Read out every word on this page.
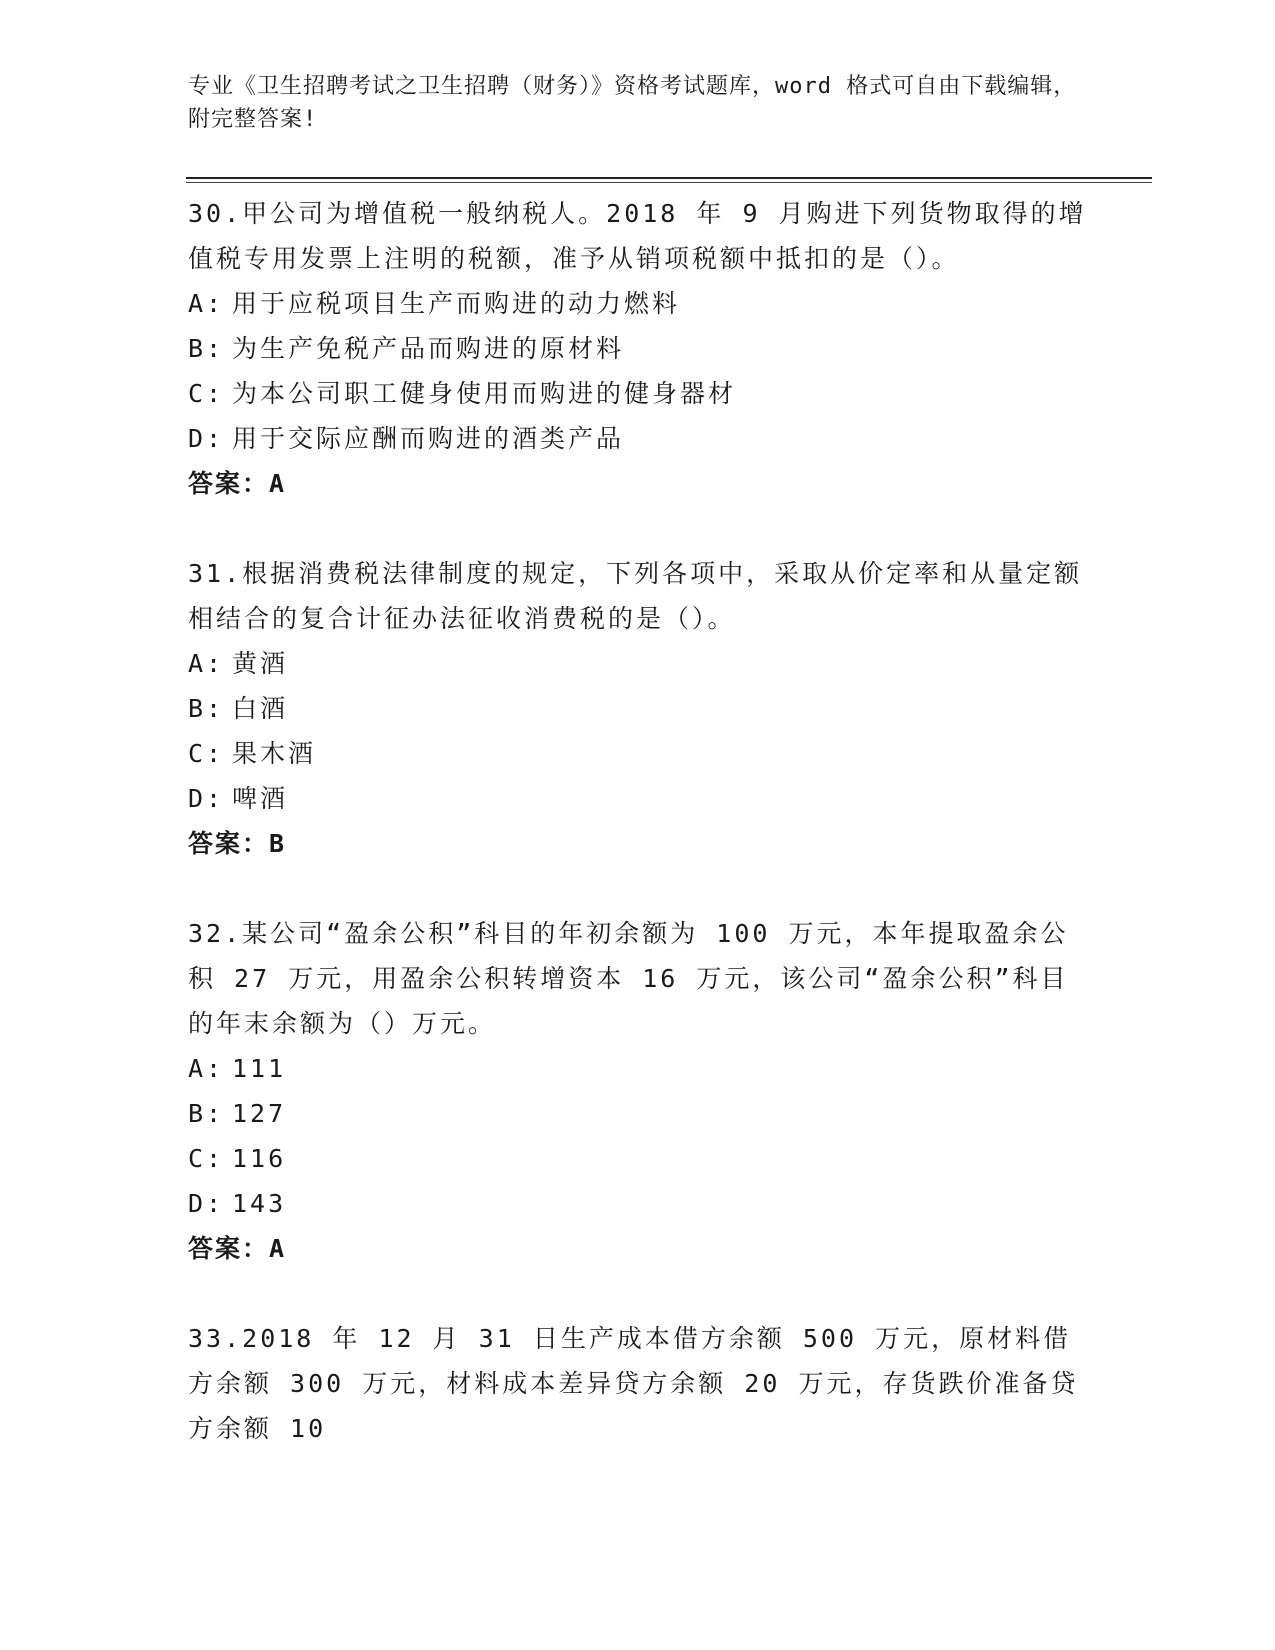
专业《卫生招聘考试之卫生招聘（财务）》资格考试题库，word 格式可自由下载编辑，附完整答案!
30.甲公司为增值税一般纳税人。2018 年 9 月购进下列货物取得的增值税专用发票上注明的税额，准予从销项税额中抵扣的是（）。
A: 用于应税项目生产而购进的动力燃料
B: 为生产免税产品而购进的原材料
C: 为本公司职工健身使用而购进的健身器材
D: 用于交际应酬而购进的酒类产品
答案：A
31.根据消费税法律制度的规定，下列各项中，采取从价定率和从量定额相结合的复合计征办法征收消费税的是（）。
A: 黄酒
B: 白酒
C: 果木酒
D: 啤酒
答案：B
32.某公司“盈余公积”科目的年初余额为 100 万元，本年提取盈余公积 27 万元，用盈余公积转增资本 16 万元，该公司“盈余公积”科目的年末余额为（）万元。
A: 111
B: 127
C: 116
D: 143
答案：A
33.2018 年 12 月 31 日生产成本借方余额 500 万元，原材料借方余额 300 万元，材料成本差异贷方余额 20 万元，存货跌价准备贷方余额 10
